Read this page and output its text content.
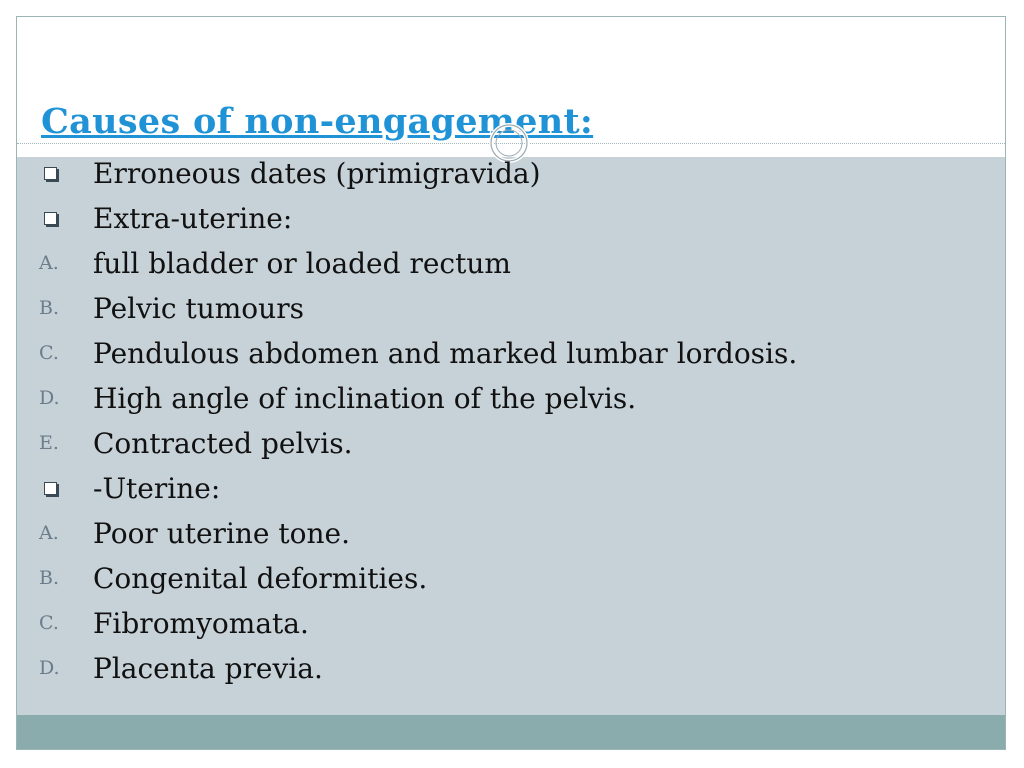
Causes of non-engagement:
Erroneous dates (primigravida)
Extra-uterine:
A.	full bladder or loaded rectum
B.	Pelvic tumours
C.	Pendulous abdomen and marked lumbar lordosis.
D.	High angle of inclination of the pelvis.
E.	Contracted pelvis.
-Uterine:
A.	Poor uterine tone.
B.	Congenital deformities.
C.	Fibromyomata.
D.	Placenta previa.
